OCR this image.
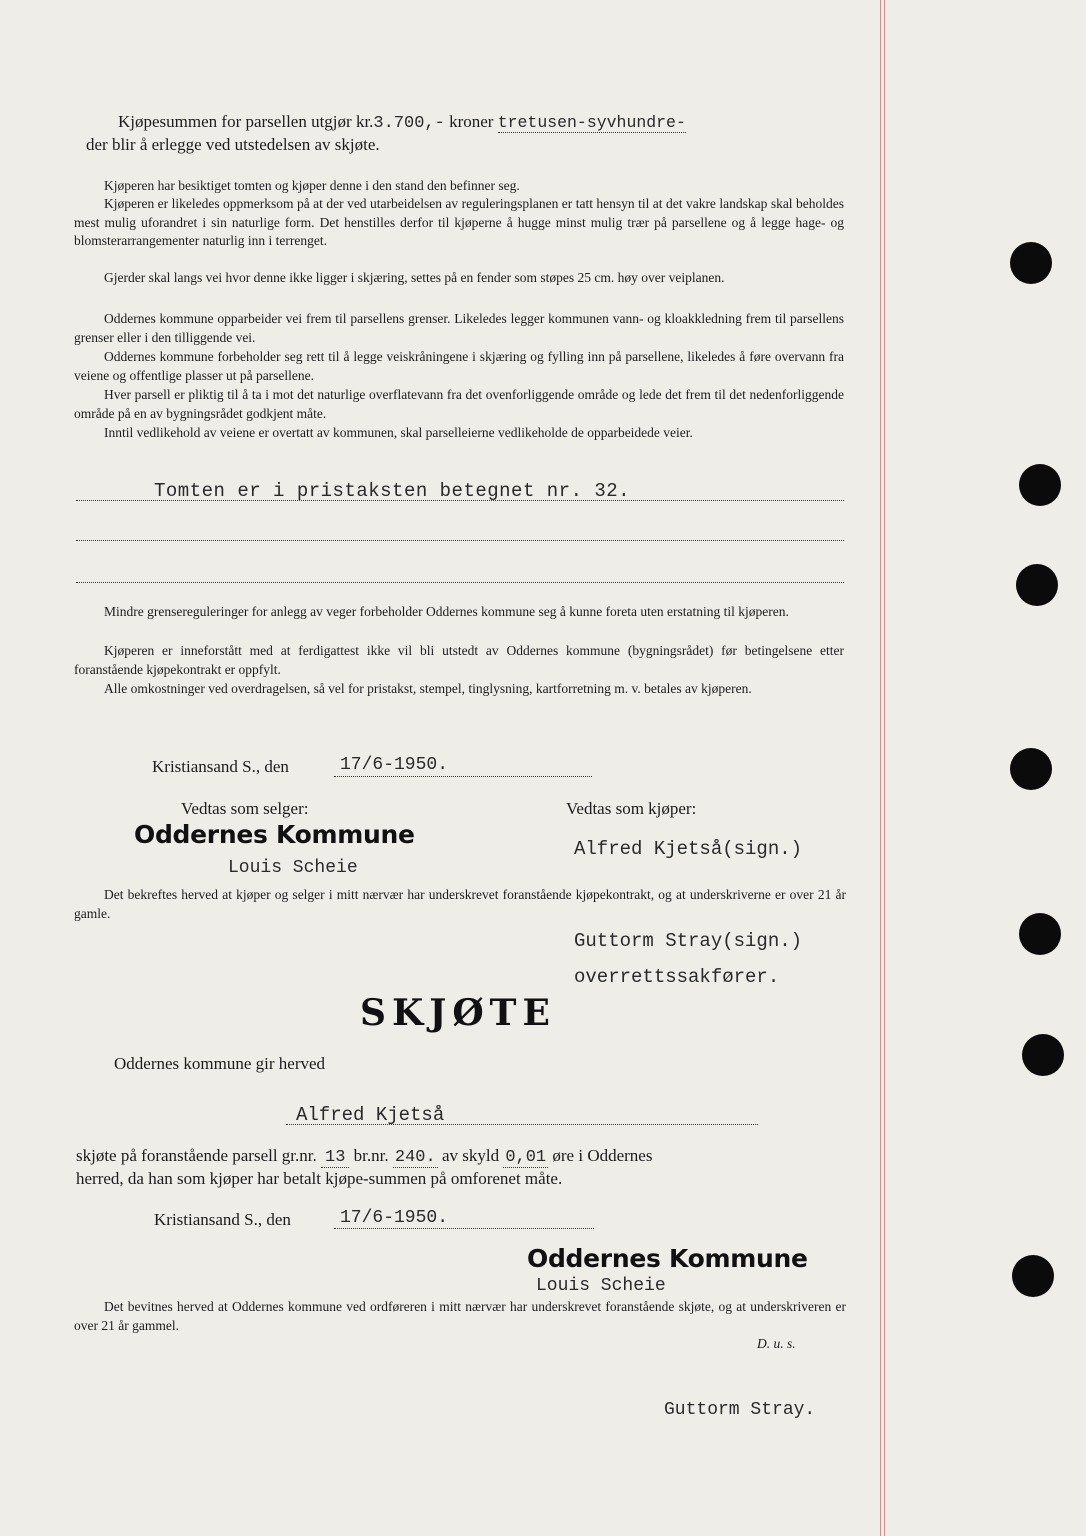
Kjøpesummen for parsellen utgjør kr.3.700,- kroner tretusen-syvhundre-
der blir å erlegge ved utstedelsen av skjøte.

Kjøperen har besiktiget tomten og kjøper denne i den stand den befinner seg.

Kjøperen er likeledes oppmerksom på at der ved utarbeidelsen av reguleringsplanen er tatt hensyn til at det vakre landskap skal beholdes mest mulig uforandret i sin naturlige form. Det henstilles derfor til kjøperne å hugge minst mulig trær på parsellene og å legge hage- og blomsterarrangementer naturlig inn i terrenget.

Gjerder skal langs vei hvor denne ikke ligger i skjæring, settes på en fender som støpes 25 cm. høy over veiplanen.

Oddernes kommune opparbeider vei frem til parsellens grenser. Likeledes legger kommunen vann- og kloakkledning frem til parsellens grenser eller i den tilliggende vei.

Oddernes kommune forbeholder seg rett til å legge veiskråningene i skjæring og fylling inn på parsellene, likeledes å føre overvann fra veiene og offentlige plasser ut på parsellene.

Hver parsell er pliktig til å ta i mot det naturlige overflatevann fra det ovenforliggende område og lede det frem til det nedenforliggende område på en av bygningsrådet godkjent måte.

Inntil vedlikehold av veiene er overtatt av kommunen, skal parselleierne vedlikeholde de opparbeidede veier.

Tomten er i pristaksten betegnet nr. 32.

Mindre grensereguleringer for anlegg av veger forbeholder Oddernes kommune seg å kunne foreta uten erstatning til kjøperen.

Kjøperen er inneforstått med at ferdigattest ikke vil bli utstedt av Oddernes kommune (bygningsrådet) før betingelsene etter foranstående kjøpekontrakt er oppfylt.

Alle omkostninger ved overdragelsen, så vel for pristakst, stempel, tinglysning, kartforretning m. v. betales av kjøperen.

Kristiansand S., den	17/6-1950.
Vedtas som selger:
Oddernes Kommune
Louis Scheie
Vedtas som kjøper:
Alfred Kjetså(sign.)

Det bekreftes herved at kjøper og selger i mitt nærvær har underskrevet foranstående kjøpekontrakt, og at underskriverne er over 21 år gamle.

Guttorm Stray(sign.)
overrettssakfører.
SKJØTE
Oddernes kommune gir herved
Alfred Kjetså
skjøte på foranstående parsell gr.nr. 13 br.nr. 240. av skyld 0,01 øre i Oddernes
herred, da han som kjøper har betalt kjøpe-summen på omforenet måte.
Kristiansand S., den	17/6-1950.
Oddernes Kommune
Louis Scheie

Det bevitnes herved at Oddernes kommune ved ordføreren i mitt nærvær har underskrevet foranstående skjøte, og at underskriveren er over 21 år gammel.

D. u. s.
Guttorm Stray.
